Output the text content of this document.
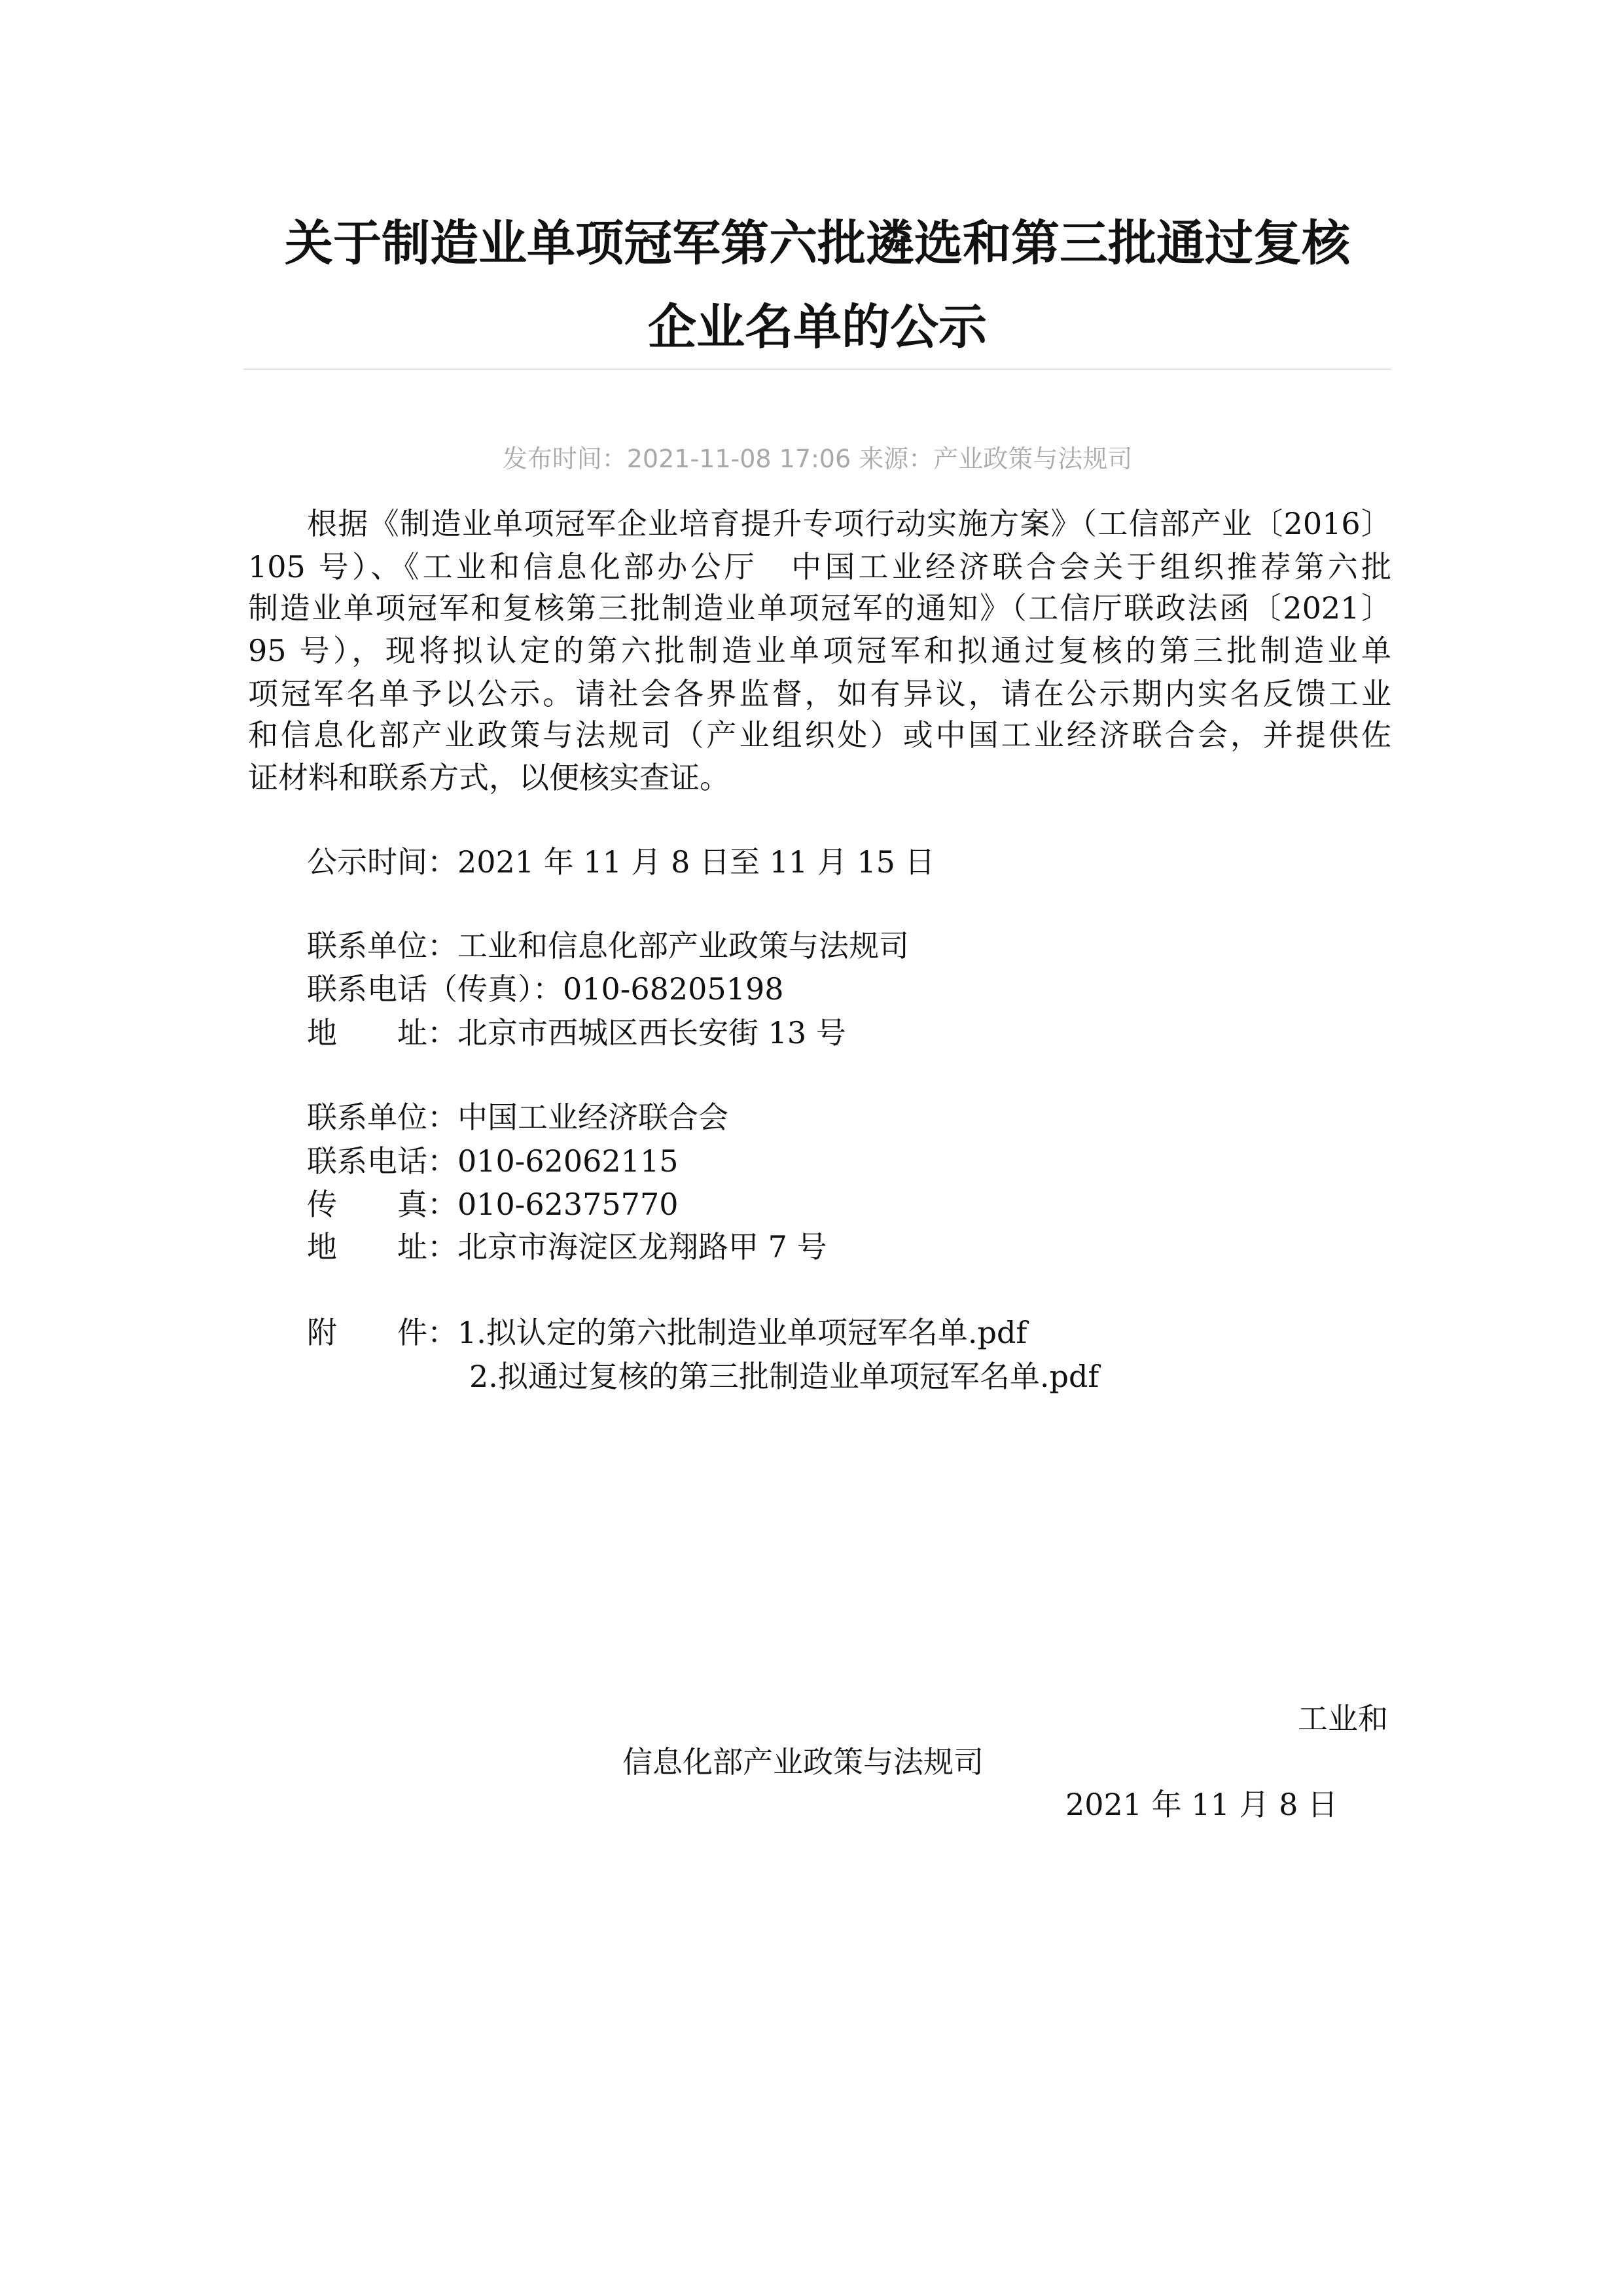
关于制造业单项冠军第六批遴选和第三批通过复核
企业名单的公示
发布时间：2021-11-08 17:06 来源：产业政策与法规司
根据《制造业单项冠军企业培育提升专项行动实施方案》（工信部产业〔2016〕
105 号）、《工业和信息化部办公厅　中国工业经济联合会关于组织推荐第六批
制造业单项冠军和复核第三批制造业单项冠军的通知》（工信厅联政法函〔2021〕
95 号），现将拟认定的第六批制造业单项冠军和拟通过复核的第三批制造业单
项冠军名单予以公示。请社会各界监督，如有异议，请在公示期内实名反馈工业
和信息化部产业政策与法规司（产业组织处）或中国工业经济联合会，并提供佐
证材料和联系方式，以便核实查证。
公示时间：2021 年 11 月 8 日至 11 月 15 日
联系单位：工业和信息化部产业政策与法规司
联系电话（传真）：010-68205198
地　　址：北京市西城区西长安街 13 号
联系单位：中国工业经济联合会
联系电话：010-62062115
传　　真：010-62375770
地　　址：北京市海淀区龙翔路甲 7 号
附　　件：1.拟认定的第六批制造业单项冠军名单.pdf
2.拟通过复核的第三批制造业单项冠军名单.pdf
工业和
信息化部产业政策与法规司
2021 年 11 月 8 日
